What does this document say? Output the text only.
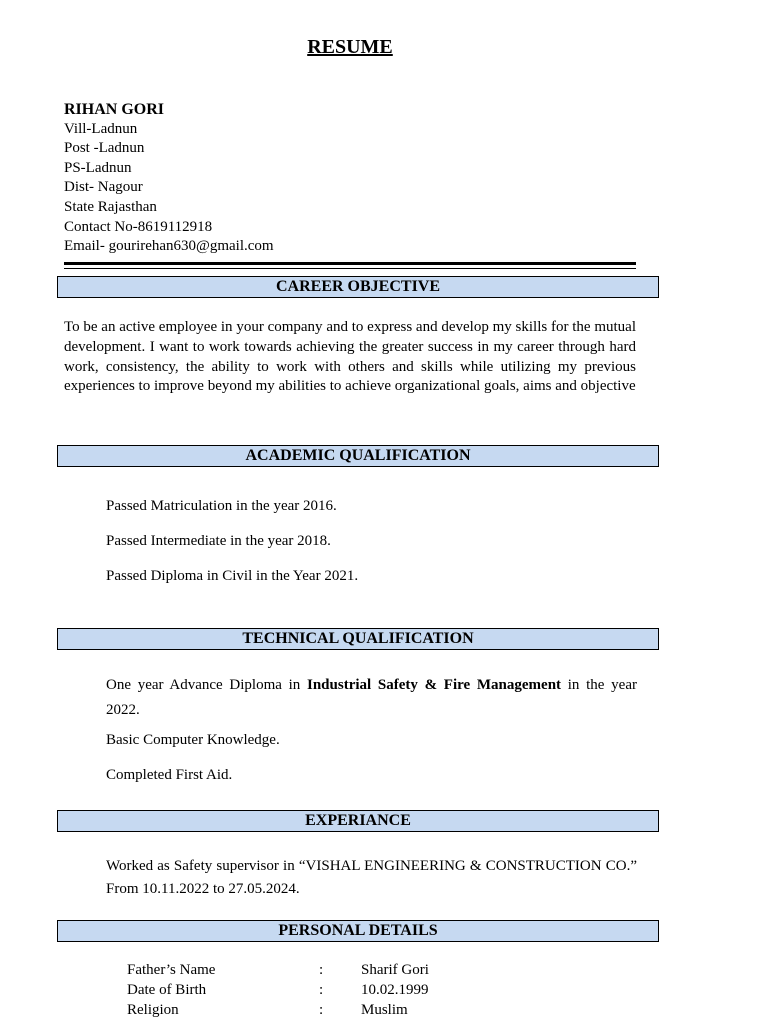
RESUME
RIHAN GORI
Vill-Ladnun
Post -Ladnun
PS-Ladnun
Dist- Nagour
State Rajasthan
Contact No-8619112918
Email- gourirehan630@gmail.com
CAREER OBJECTIVE
To be an active employee in your company and to express and develop my skills for the mutual development. I want to work towards achieving the greater success in my career through hard work, consistency, the ability to work with others and skills while utilizing my previous experiences to improve beyond my abilities to achieve organizational goals, aims and objective
ACADEMIC QUALIFICATION
Passed Matriculation in the year 2016.
Passed Intermediate in the year 2018.
Passed Diploma in Civil in the Year 2021.
TECHNICAL QUALIFICATION
One year Advance Diploma in Industrial Safety & Fire Management in the year 2022.
Basic Computer Knowledge.
Completed First Aid.
EXPERIANCE
Worked as Safety supervisor in “VISHAL ENGINEERING & CONSTRUCTION CO.” From 10.11.2022 to 27.05.2024.
PERSONAL DETAILS
Father’s Name	:	Sharif Gori
Date of Birth	:	10.02.1999
Religion	:	Muslim
